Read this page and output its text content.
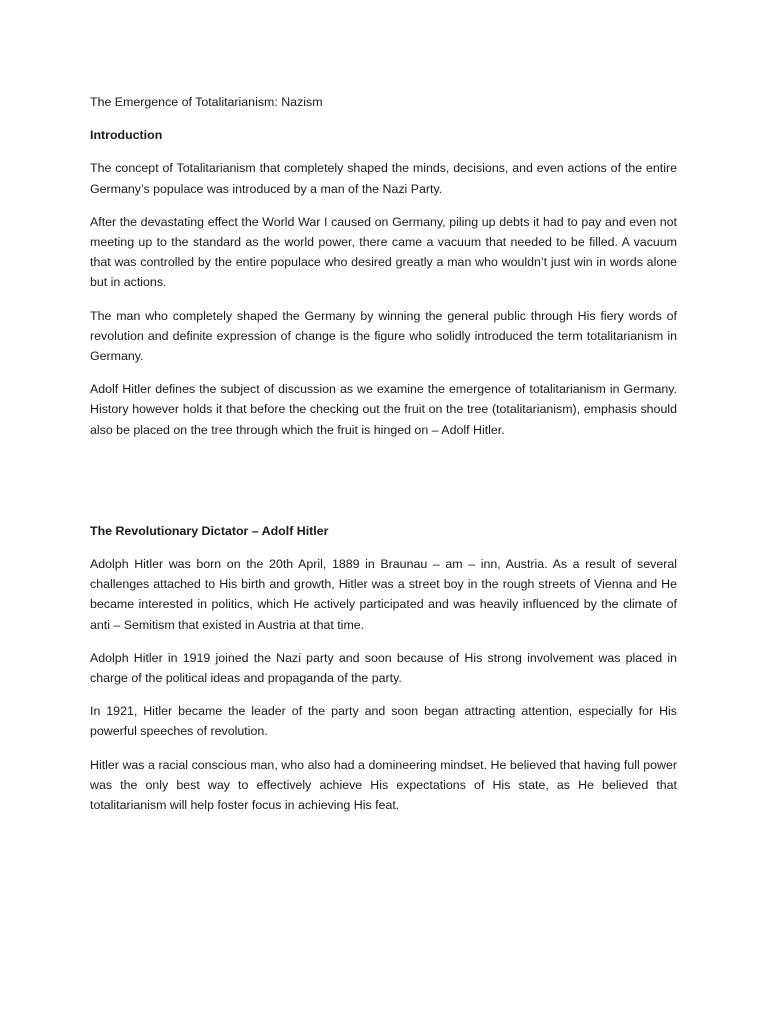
The Emergence of Totalitarianism: Nazism
Introduction

The concept of Totalitarianism that completely shaped the minds, decisions, and even actions of the entire Germany’s populace was introduced by a man of the Nazi Party.

After the devastating effect the World War I caused on Germany, piling up debts it had to pay and even not meeting up to the standard as the world power, there came a vacuum that needed to be filled. A vacuum that was controlled by the entire populace who desired greatly a man who wouldn’t just win in words alone but in actions.

The man who completely shaped the Germany by winning the general public through His fiery words of revolution and definite expression of change is the figure who solidly introduced the term totalitarianism in Germany.

Adolf Hitler defines the subject of discussion as we examine the emergence of totalitarianism in Germany. History however holds it that before the checking out the fruit on the tree (totalitarianism), emphasis should also be placed on the tree through which the fruit is hinged on – Adolf Hitler.

The Revolutionary Dictator – Adolf Hitler

Adolph Hitler was born on the 20th April, 1889 in Braunau – am – inn, Austria. As a result of several challenges attached to His birth and growth, Hitler was a street boy in the rough streets of Vienna and He became interested in politics, which He actively participated and was heavily influenced by the climate of anti – Semitism that existed in Austria at that time.

Adolph Hitler in 1919 joined the Nazi party and soon because of His strong involvement was placed in charge of the political ideas and propaganda of the party.

In 1921, Hitler became the leader of the party and soon began attracting attention, especially for His powerful speeches of revolution.

Hitler was a racial conscious man, who also had a domineering mindset. He believed that having full power was the only best way to effectively achieve His expectations of His state, as He believed that totalitarianism will help foster focus in achieving His feat.
